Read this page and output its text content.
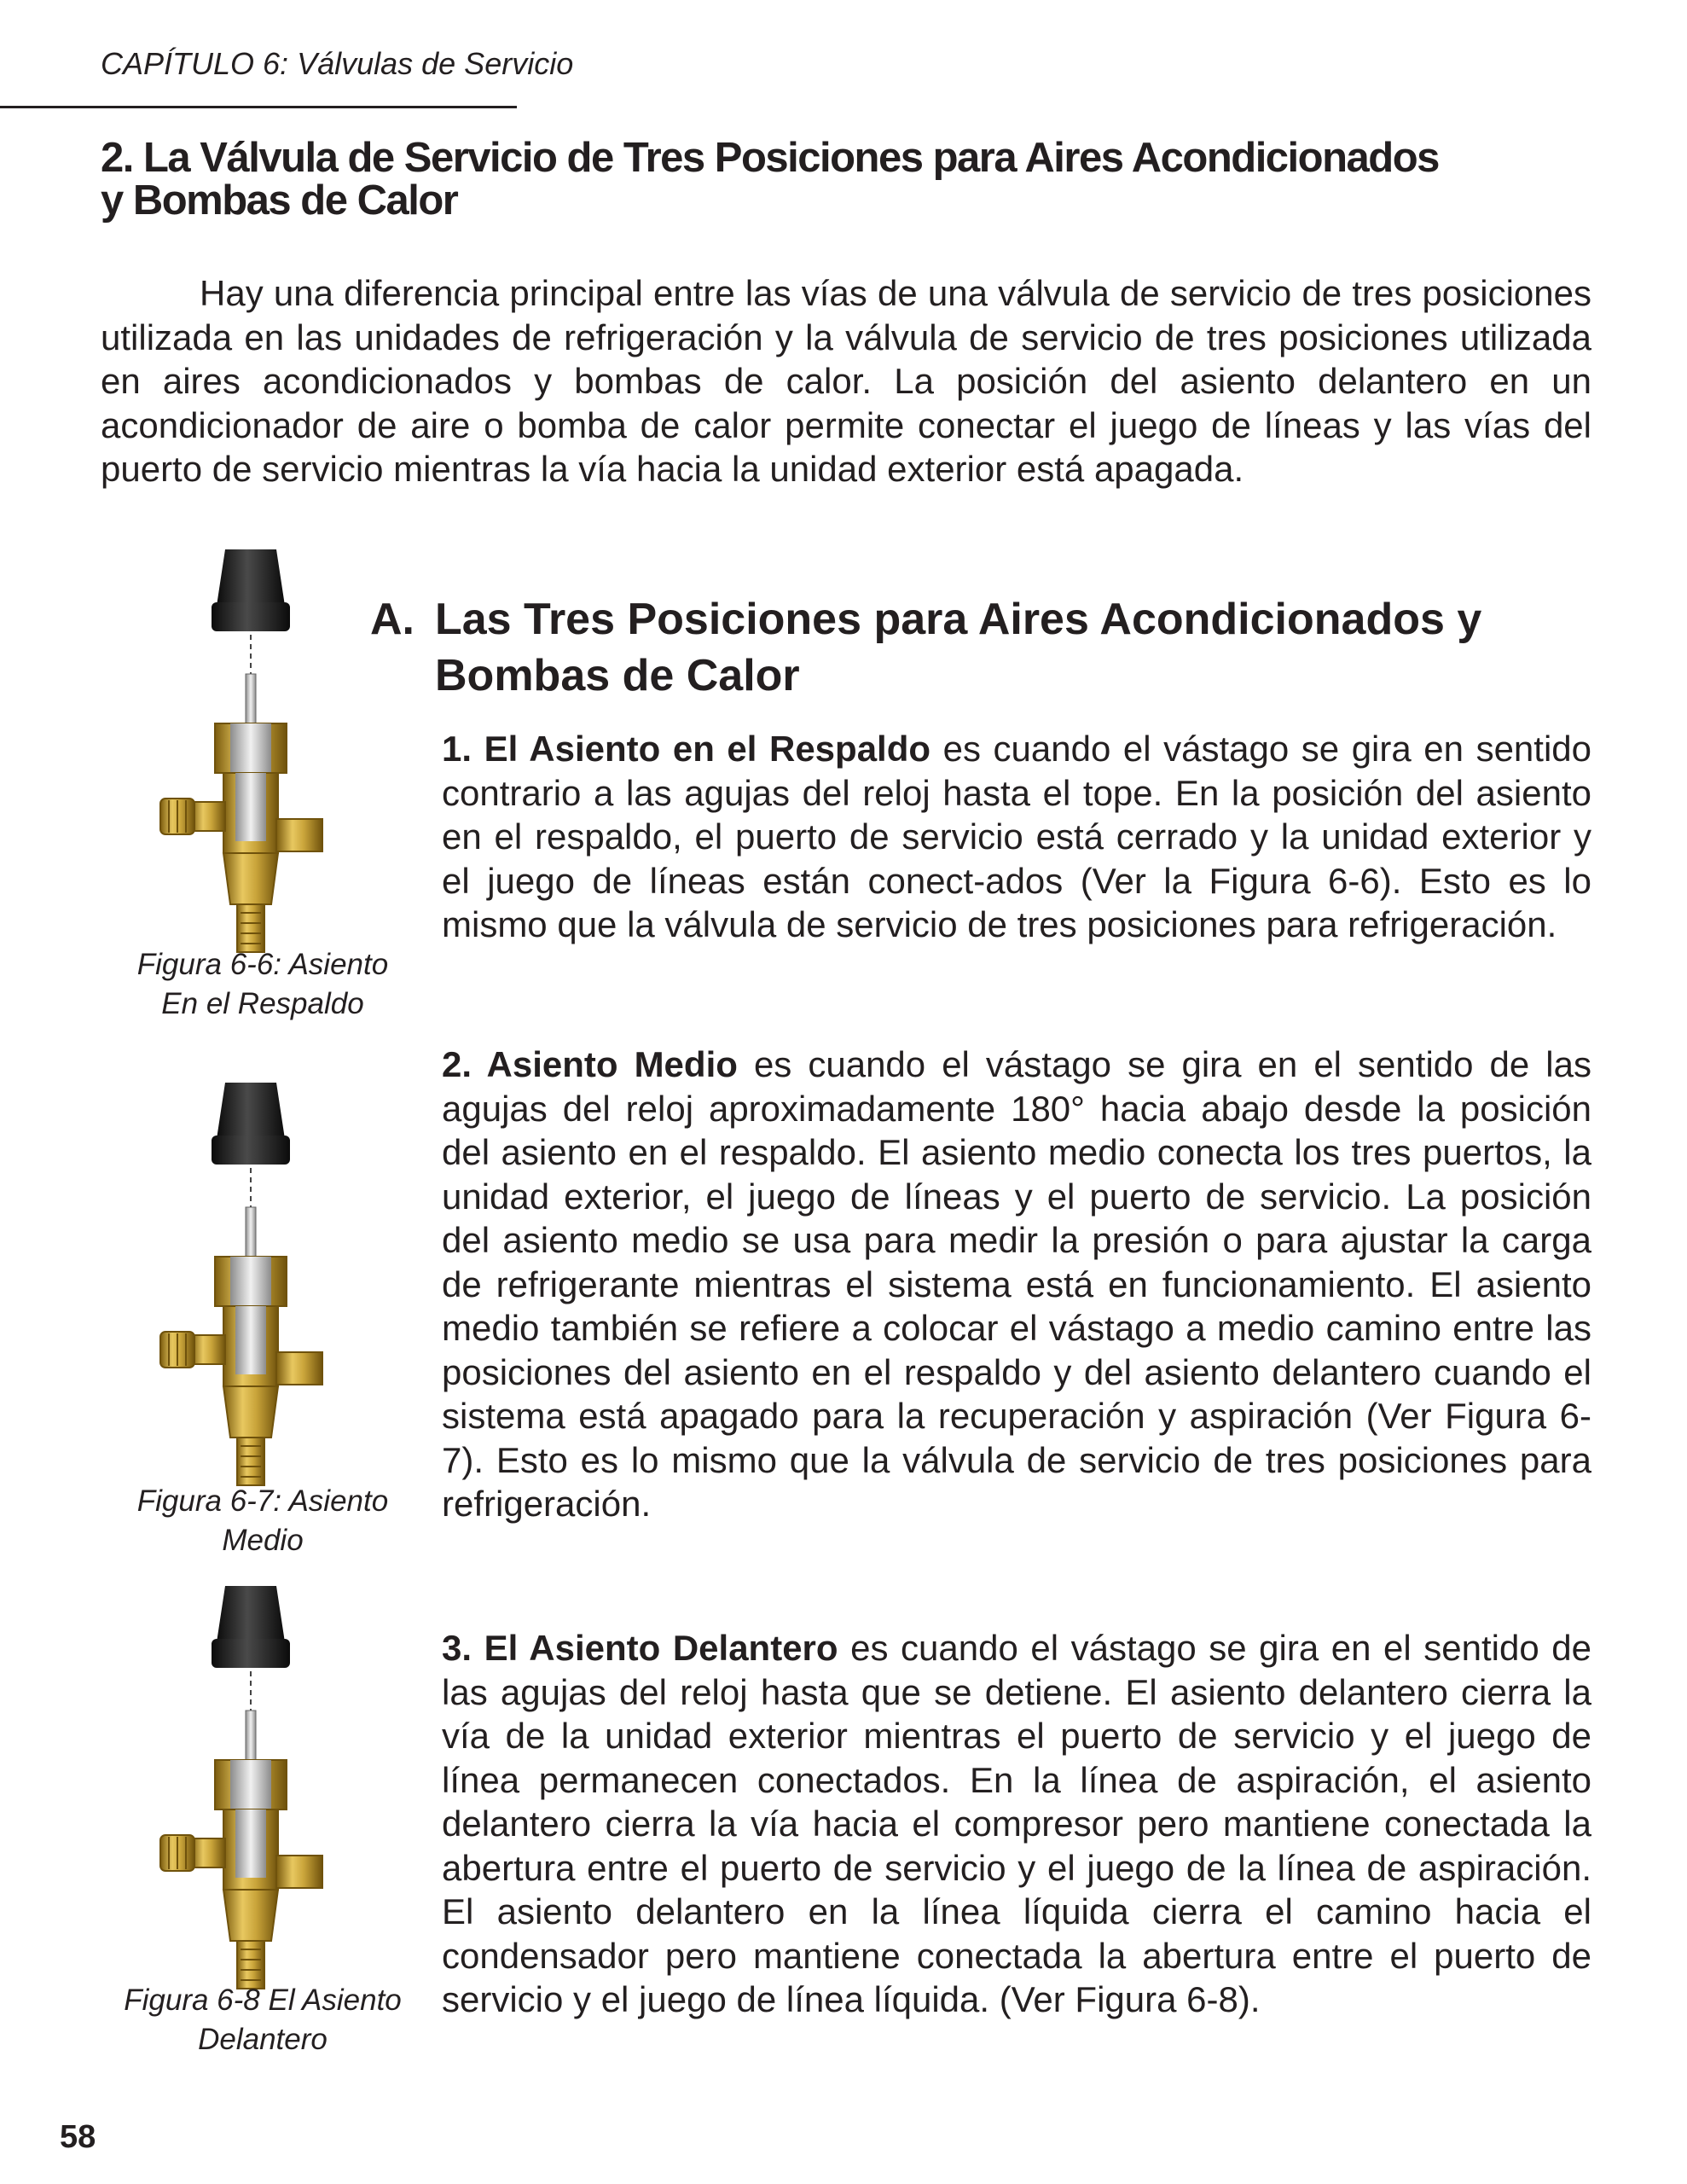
CAPÍTULO 6: Válvulas de Servicio
2. La Válvula de Servicio de Tres Posiciones para Aires Acondicionados
y Bombas de Calor

Hay una diferencia principal entre las vías de una válvula de servicio de tres posiciones utilizada en las unidades de refrigeración y la válvula de servicio de tres posiciones utilizada en aires acondicionados y bombas de calor. La posición del asiento delantero en un acondicionador de aire o bomba de calor permite conectar el juego de líneas y las vías del puerto de servicio mientras la vía hacia la unidad exterior está apagada.

A. Las Tres Posiciones para Aires Acondicionados y
Bombas de Calor

1. El Asiento en el Respaldo es cuando el vástago se gira en sentido contrario a las agujas del reloj hasta el tope. En la posición del asiento en el respaldo, el puerto de servicio está cerrado y la unidad exterior y el juego de líneas están conect-ados (Ver la Figura 6-6). Esto es lo mismo que la válvula de servicio de tres posiciones para refrigeración.

2. Asiento Medio es cuando el vástago se gira en el sentido de las agujas del reloj aproximadamente 180° hacia abajo desde la posición del asiento en el respaldo. El asiento medio conecta los tres puertos, la unidad exterior, el juego de líneas y el puerto de servicio. La posición del asiento medio se usa para medir la presión o para ajustar la carga de refrigerante mientras el sistema está en funcionamiento. El asiento medio también se refiere a colocar el vástago a medio camino entre las posiciones del asiento en el respaldo y del asiento delantero cuando el sistema está apagado para la recuperación y aspiración (Ver Figura 6-7). Esto es lo mismo que la válvula de servicio de tres posiciones para refrigeración.

3. El Asiento Delantero es cuando el vástago se gira en el sentido de las agujas del reloj hasta que se detiene. El asiento delantero cierra la vía de la unidad exterior mientras el puerto de servicio y el juego de línea permanecen conectados. En la línea de aspiración, el asiento delantero cierra la vía hacia el compresor pero mantiene conectada la abertura entre el puerto de servicio y el juego de la línea de aspiración. El asiento delantero en la línea líquida cierra el camino hacia el condensador pero mantiene conectada la abertura entre el puerto de servicio y el juego de línea líquida. (Ver Figura 6-8).

Figura 6-6: Asiento
En el Respaldo
Figura 6-7: Asiento
Medio
Figura 6-8 El Asiento
Delantero
58
